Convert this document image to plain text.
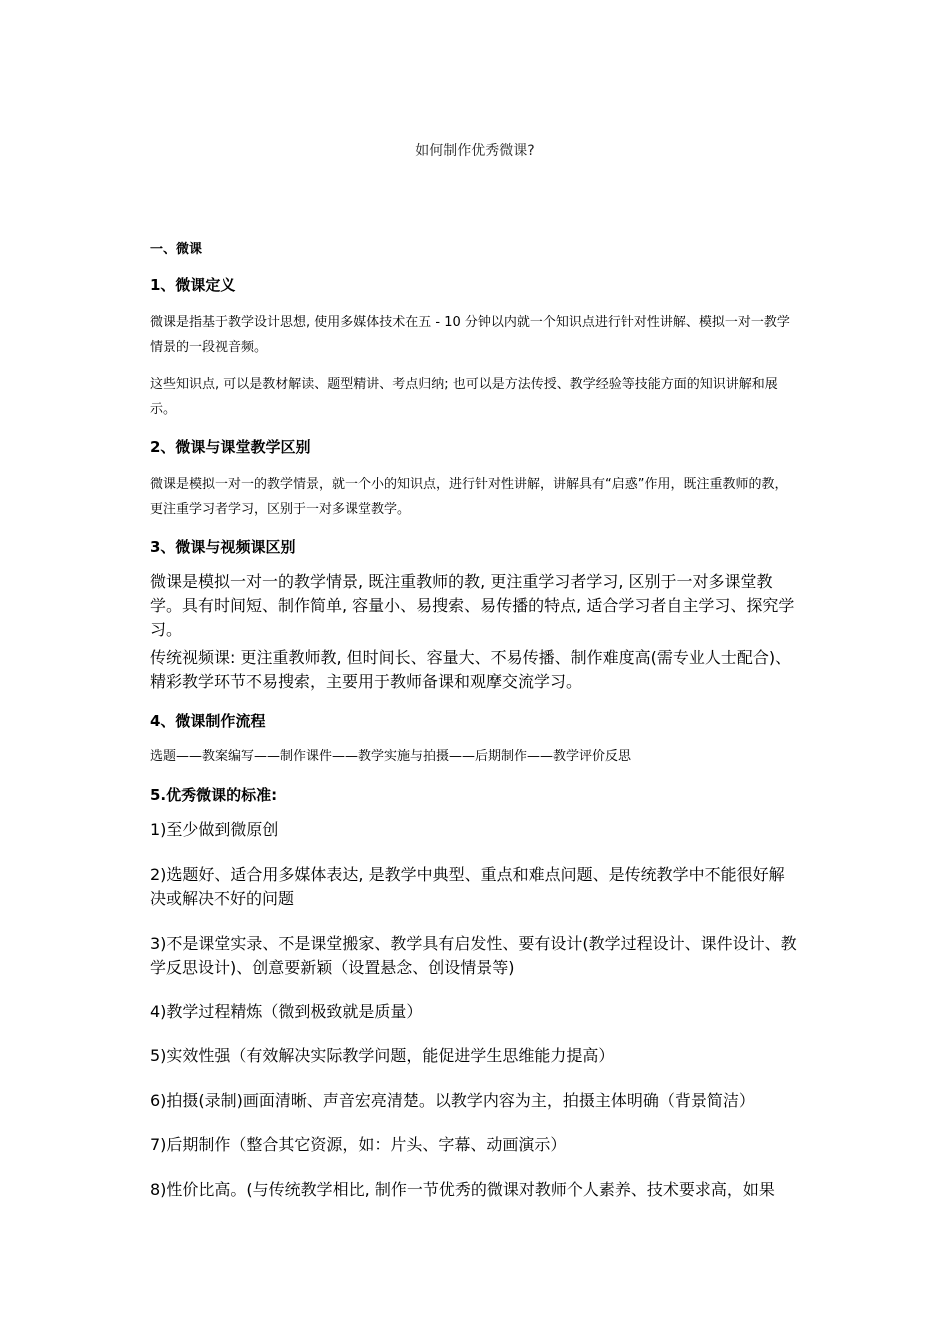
如何制作优秀微课?
一、微课
1、微课定义
微课是指基于教学设计思想, 使用多媒体技术在五 - 10 分钟以内就一个知识点进行针对性讲解、模拟一对一教学情景的一段视音频。
这些知识点, 可以是教材解读、题型精讲、考点归纳; 也可以是方法传授、教学经验等技能方面的知识讲解和展示。
2、微课与课堂教学区别
微课是模拟一对一的教学情景，就一个小的知识点，进行针对性讲解，讲解具有“启惑”作用，既注重教师的教，更注重学习者学习，区别于一对多课堂教学。
3、微课与视频课区别
微课是模拟一对一的教学情景, 既注重教师的教, 更注重学习者学习, 区别于一对多课堂教学。具有时间短、制作简单, 容量小、易搜索、易传播的特点, 适合学习者自主学习、探究学习。
传统视频课: 更注重教师教, 但时间长、容量大、不易传播、制作难度高(需专业人士配合)、精彩教学环节不易搜索，主要用于教师备课和观摩交流学习。
4、微课制作流程
选题——教案编写——制作课件——教学实施与拍摄——后期制作——教学评价反思
5.优秀微课的标准:
1)至少做到微原创
2)选题好、适合用多媒体表达, 是教学中典型、重点和难点问题、是传统教学中不能很好解决或解决不好的问题
3)不是课堂实录、不是课堂搬家、教学具有启发性、要有设计(教学过程设计、课件设计、教学反思设计)、创意要新颖（设置悬念、创设情景等)
4)教学过程精炼（微到极致就是质量）
5)实效性强（有效解决实际教学问题，能促进学生思维能力提高）
6)拍摄(录制)画面清晰、声音宏亮清楚。以教学内容为主，拍摄主体明确（背景简洁）
7)后期制作（整合其它资源，如：片头、字幕、动画演示）
8)性价比高。(与传统教学相比, 制作一节优秀的微课对教师个人素养、技术要求高，如果
